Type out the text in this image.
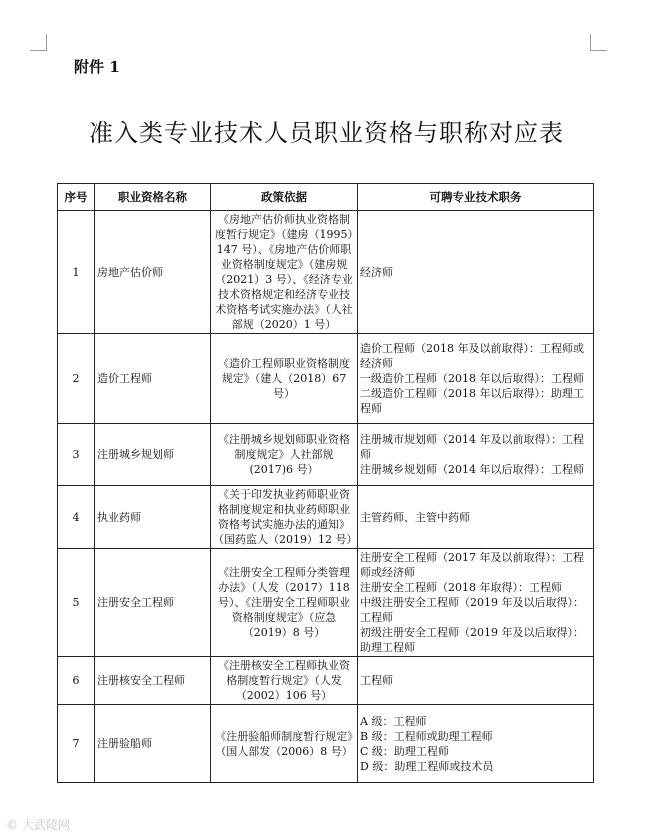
附件 1
准入类专业技术人员职业资格与职称对应表
序号	职业资格名称	政策依据	可聘专业技术职务
1	房地产估价师	《房地产估价师执业资格制度暂行规定》（建房（1995）147 号）、《房地产估价师职业资格制度规定》（建房规（2021）3 号）、《经济专业技术资格规定和经济专业技术资格考试实施办法》（人社部规（2020）1 号）	经济师

2	造价工程师	《造价工程师职业资格制度规定》（建人（2018）67 号）	造价工程师（2018 年及以前取得）：工程师或经济师
一级造价工程师（2018 年以后取得）：工程师
二级造价工程师（2018 年以后取得）：助理工程师

3	注册城乡规划师	《注册城乡规划师职业资格制度规定》人社部规(2017)6 号）	注册城市规划师（2014 年及以前取得）：工程师
注册城乡规划师（2014 年以后取得）：工程师

4	执业药师	《关于印发执业药师职业资格制度规定和执业药师职业资格考试实施办法的通知》（国药监人（2019）12 号）	主管药师、主管中药师

5	注册安全工程师	《注册安全工程师分类管理办法》（人发（2017）118 号）、《注册安全工程师职业资格制度规定》（应急（2019）8 号）	注册安全工程师（2017 年及以前取得）：工程师或经济师
注册安全工程师（2018 年取得）：工程师
中级注册安全工程师（2019 年及以后取得）：工程师
初级注册安全工程师（2019 年及以后取得）：助理工程师

6	注册核安全工程师	《注册核安全工程师执业资格制度暂行规定》（人发（2002）106 号）	工程师

7	注册验船师	《注册验船师制度暂行规定》（国人部发（2006）8 号）	A 级：工程师
B 级：工程师或助理工程师
C 级：助理工程师
D 级：助理工程师或技术员
© 大武陵网
